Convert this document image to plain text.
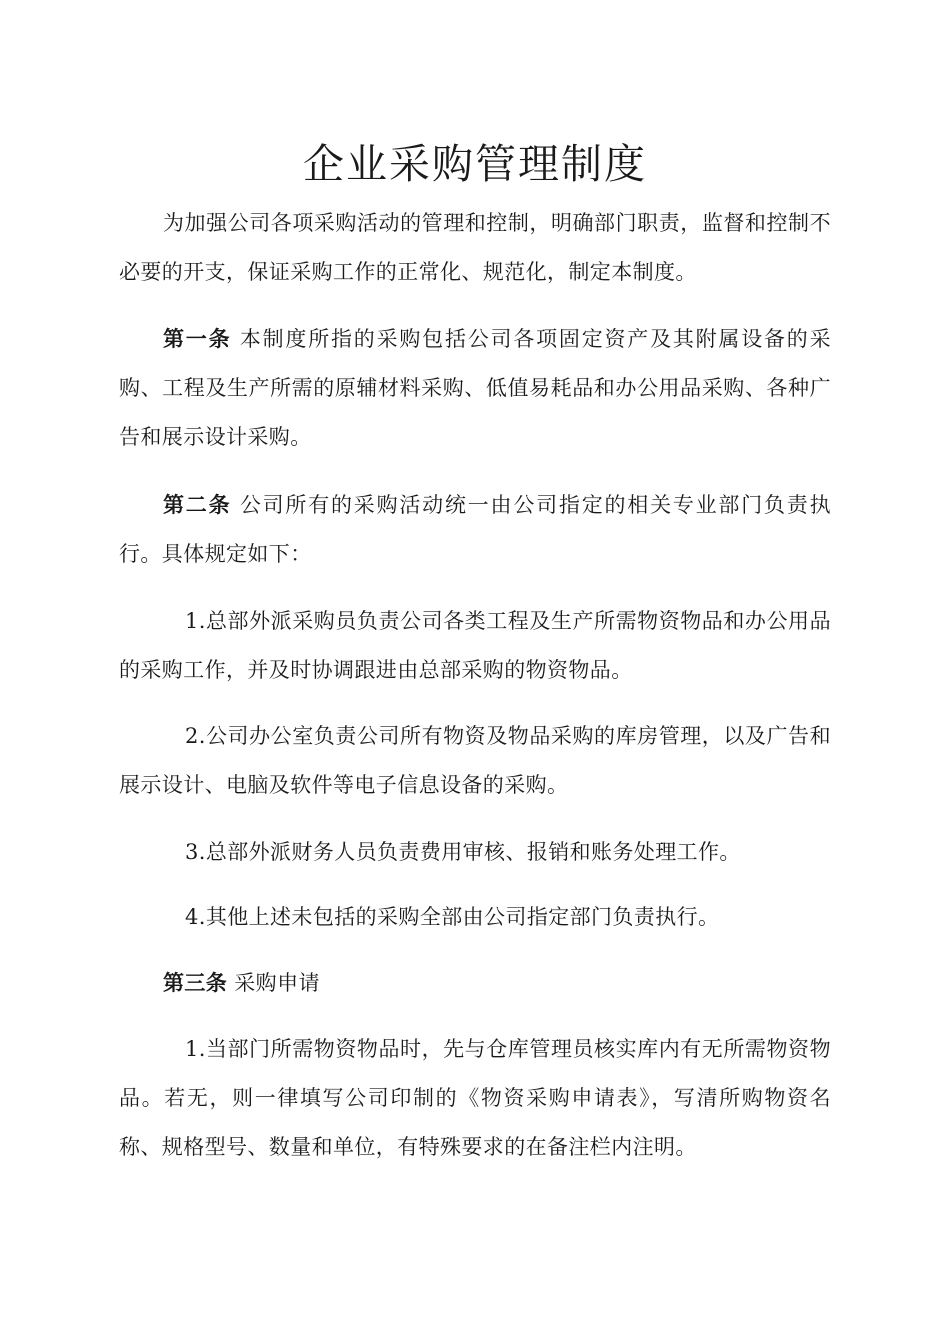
企业采购管理制度

为加强公司各项采购活动的管理和控制，明确部门职责，监督和控制不必要的开支，保证采购工作的正常化、规范化，制定本制度。

第一条 本制度所指的采购包括公司各项固定资产及其附属设备的采购、工程及生产所需的原辅材料采购、低值易耗品和办公用品采购、各种广告和展示设计采购。

第二条 公司所有的采购活动统一由公司指定的相关专业部门负责执行。具体规定如下：

1.总部外派采购员负责公司各类工程及生产所需物资物品和办公用品的采购工作，并及时协调跟进由总部采购的物资物品。

2.公司办公室负责公司所有物资及物品采购的库房管理，以及广告和展示设计、电脑及软件等电子信息设备的采购。

3.总部外派财务人员负责费用审核、报销和账务处理工作。

4.其他上述未包括的采购全部由公司指定部门负责执行。

第三条 采购申请

1.当部门所需物资物品时，先与仓库管理员核实库内有无所需物资物品。若无，则一律填写公司印制的《物资采购申请表》，写清所购物资名称、规格型号、数量和单位，有特殊要求的在备注栏内注明。
